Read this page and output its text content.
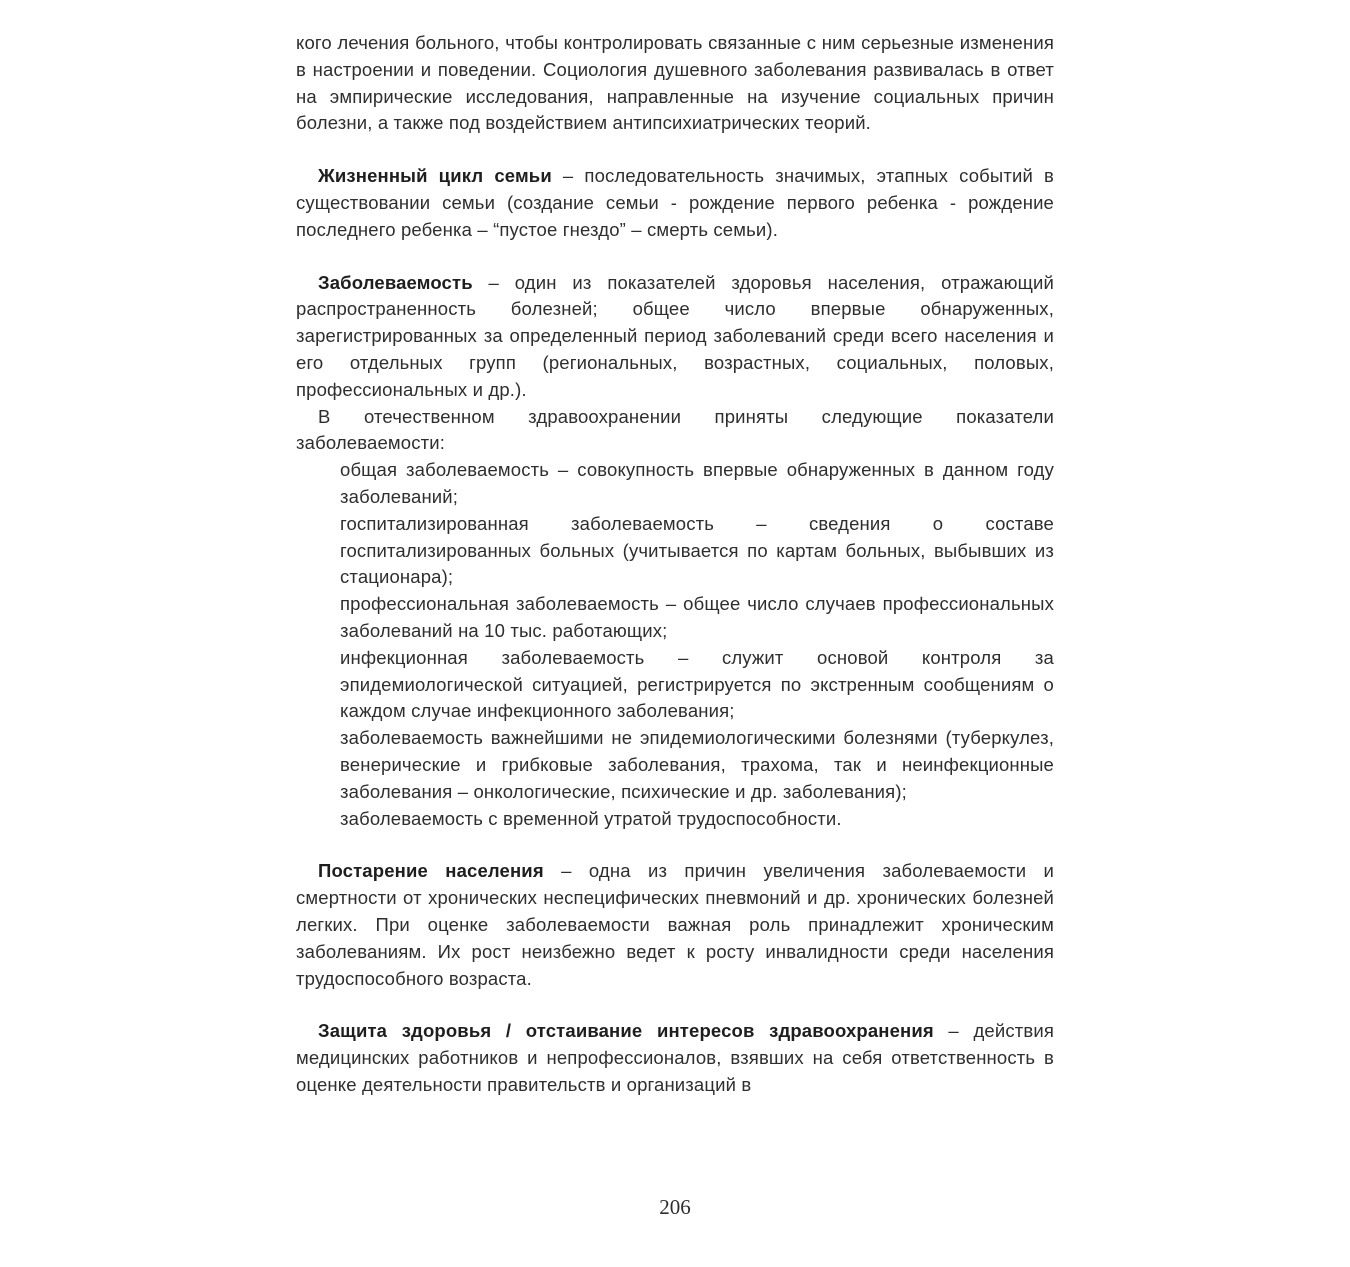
кого лечения больного, чтобы контролировать связанные с ним серьезные изменения в настроении и поведении. Социология душевного заболевания развивалась в ответ на эмпирические исследования, направленные на изучение социальных причин болезни, а также под воздействием антипсихиатрических теорий.

Жизненный цикл семьи – последовательность значимых, этапных событий в существовании семьи (создание семьи - рождение первого ребенка - рождение последнего ребенка – “пустое гнездо” – смерть семьи).

Заболеваемость – один из показателей здоровья населения, отражающий распространенность болезней; общее число впервые обнаруженных, зарегистрированных за определенный период заболеваний среди всего населения и его отдельных групп (региональных, возрастных, социальных, половых, профессиональных и др.).

В отечественном здравоохранении приняты следующие показатели заболеваемости:

общая заболеваемость – совокупность впервые обнаруженных в данном году заболеваний;

госпитализированная заболеваемость – сведения о составе госпитализированных больных (учитывается по картам больных, выбывших из стационара);

профессиональная заболеваемость – общее число случаев профессиональных заболеваний на 10 тыс. работающих;

инфекционная заболеваемость – служит основой контроля за эпидемиологической ситуацией, регистрируется по экстренным сообщениям о каждом случае инфекционного заболевания;

заболеваемость важнейшими не эпидемиологическими болезнями (туберкулез, венерические и грибковые заболевания, трахома, так и неинфекционные заболевания – онкологические, психические и др. заболевания);

заболеваемость с временной утратой трудоспособности.

Постарение населения – одна из причин увеличения заболеваемости и смертности от хронических неспецифических пневмоний и др. хронических болезней легких. При оценке заболеваемости важная роль принадлежит хроническим заболеваниям. Их рост неизбежно ведет к росту инвалидности среди населения трудоспособного возраста.

Защита здоровья / отстаивание интересов здравоохранения – действия медицинских работников и непрофессионалов, взявших на себя ответственность в оценке деятельности правительств и организаций в

206
